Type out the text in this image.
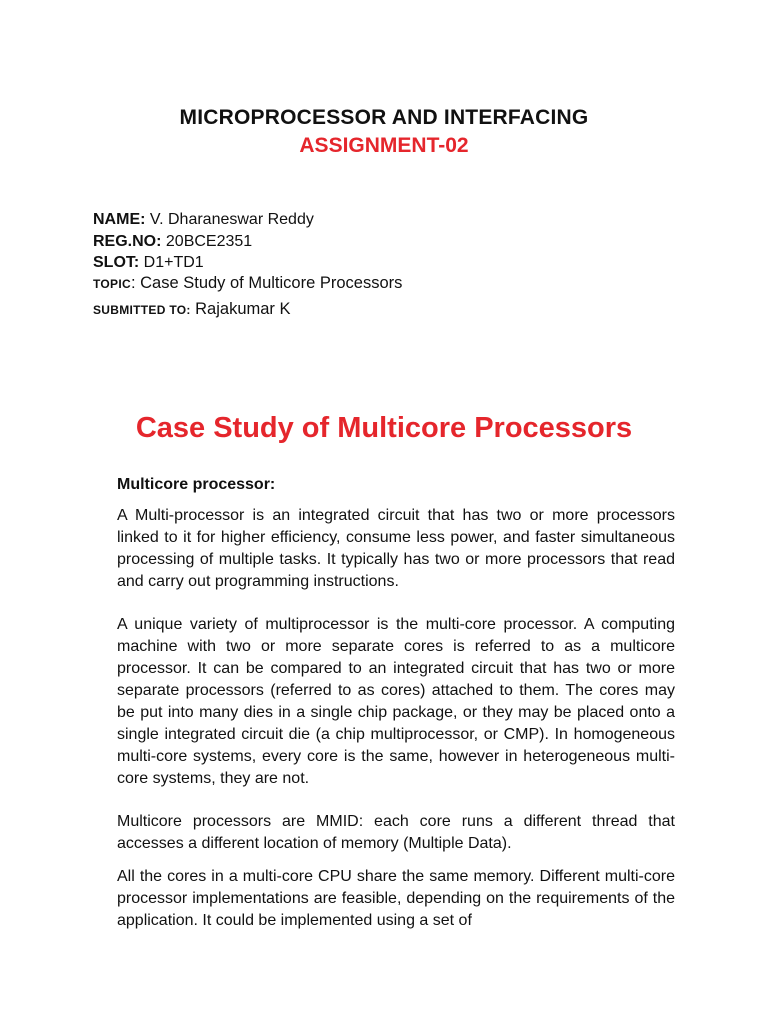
MICROPROCESSOR AND INTERFACING
ASSIGNMENT-02
NAME: V. Dharaneswar Reddy
REG.NO: 20BCE2351
SLOT: D1+TD1
TOPIC: Case Study of Multicore Processors
SUBMITTED TO: Rajakumar K
Case Study of Multicore Processors
Multicore processor:

A Multi-processor is an integrated circuit that has two or more processors linked to it for higher efficiency, consume less power, and faster simultaneous processing of multiple tasks. It typically has two or more processors that read and carry out programming instructions.

A unique variety of multiprocessor is the multi-core processor. A computing machine with two or more separate cores is referred to as a multicore processor. It can be compared to an integrated circuit that has two or more separate processors (referred to as cores) attached to them. The cores may be put into many dies in a single chip package, or they may be placed onto a single integrated circuit die (a chip multiprocessor, or CMP). In homogeneous multi-core systems, every core is the same, however in heterogeneous multi-core systems, they are not.

Multicore processors are MMID: each core runs a different thread that accesses a different location of memory (Multiple Data).

All the cores in a multi-core CPU share the same memory. Different multi-core processor implementations are feasible, depending on the requirements of the application. It could be implemented using a set of
